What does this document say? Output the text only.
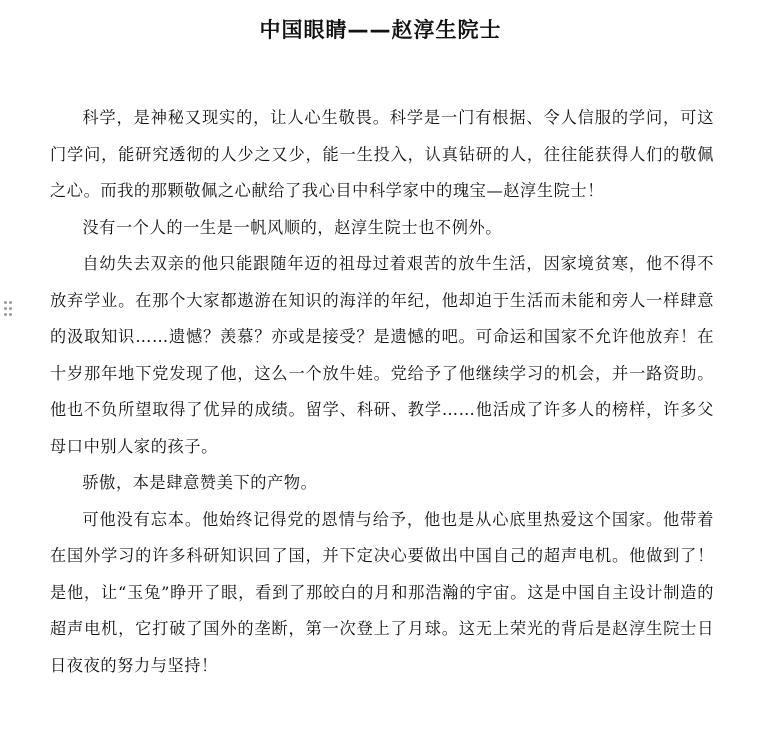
中国眼睛——赵淳生院士

科学，是神秘又现实的，让人心生敬畏。科学是一门有根据、令人信服的学问，可这门学问，能研究透彻的人少之又少，能一生投入，认真钻研的人，往往能获得人们的敬佩之心。而我的那颗敬佩之心献给了我心目中科学家中的瑰宝—赵淳生院士！

没有一个人的一生是一帆风顺的，赵淳生院士也不例外。

自幼失去双亲的他只能跟随年迈的祖母过着艰苦的放牛生活，因家境贫寒，他不得不放弃学业。在那个大家都遨游在知识的海洋的年纪，他却迫于生活而未能和旁人一样肆意的汲取知识……遗憾？羡慕？亦或是接受？是遗憾的吧。可命运和国家不允许他放弃！在十岁那年地下党发现了他，这么一个放牛娃。党给予了他继续学习的机会，并一路资助。他也不负所望取得了优异的成绩。留学、科研、教学……他活成了许多人的榜样，许多父母口中别人家的孩子。

骄傲，本是肆意赞美下的产物。

可他没有忘本。他始终记得党的恩情与给予，他也是从心底里热爱这个国家。他带着在国外学习的许多科研知识回了国，并下定决心要做出中国自己的超声电机。他做到了！是他，让“玉兔”睁开了眼，看到了那皎白的月和那浩瀚的宇宙。这是中国自主设计制造的超声电机，它打破了国外的垄断，第一次登上了月球。这无上荣光的背后是赵淳生院士日日夜夜的努力与坚持！
